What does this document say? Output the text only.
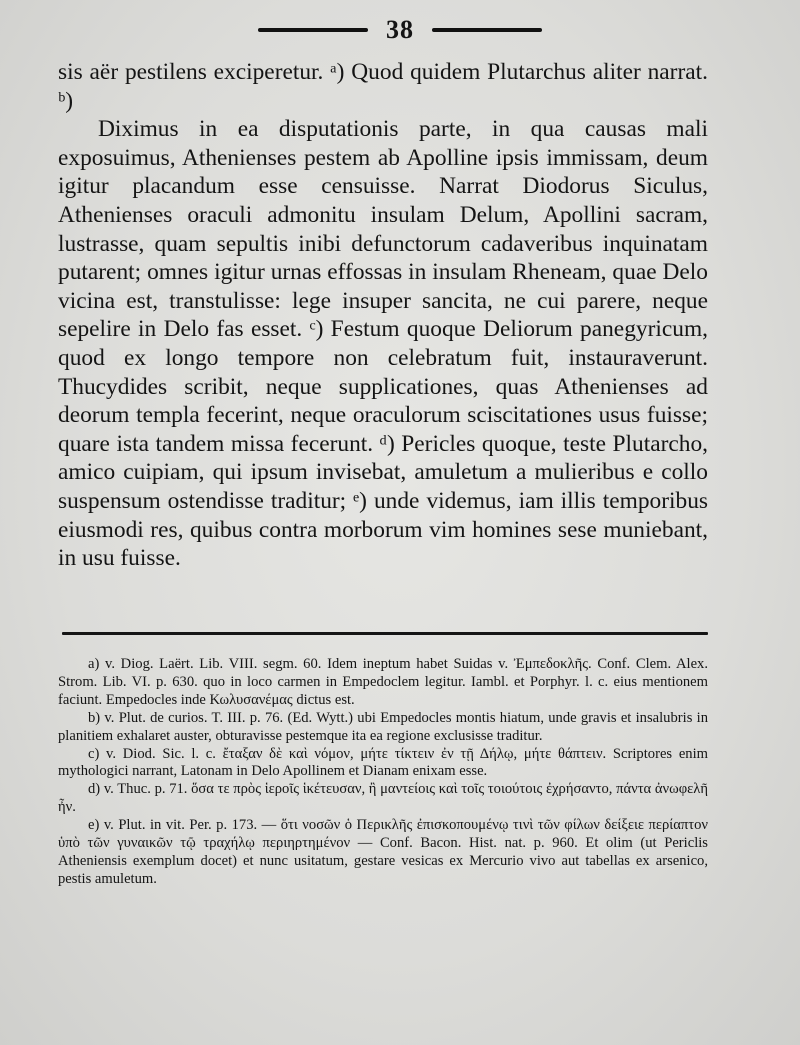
38

sis aër pestilens exciperetur. ᵃ) Quod quidem Plutarchus aliter narrat. ᵇ)

Diximus in ea disputationis parte, in qua causas mali exposuimus, Athenienses pestem ab Apolline ipsis immissam, deum igitur placandum esse censuisse. Narrat Diodorus Siculus, Athenienses oraculi admonitu insulam Delum, Apollini sacram, lustrasse, quam sepultis inibi defunctorum cadaveribus inquinatam putarent; omnes igitur urnas effossas in insulam Rheneam, quae Delo vicina est, transtulisse: lege insuper sancita, ne cui parere, neque sepelire in Delo fas esset. ᶜ) Festum quoque Deliorum panegyricum, quod ex longo tempore non celebratum fuit, instauraverunt. Thucydides scribit, neque supplicationes, quas Athenienses ad deorum templa fecerint, neque oraculorum sciscitationes usus fuisse; quare ista tandem missa fecerunt. ᵈ) Pericles quoque, teste Plutarcho, amico cuipiam, qui ipsum invisebat, amuletum a mulieribus e collo suspensum ostendisse traditur; ᵉ) unde videmus, iam illis temporibus eiusmodi res, quibus contra morborum vim homines sese muniebant, in usu fuisse.

a) v. Diog. Laërt. Lib. VIII. segm. 60. Idem ineptum habet Suidas v. Ἐμπεδοκλῆς. Conf. Clem. Alex. Strom. Lib. VI. p. 630. quo in loco carmen in Empedoclem legitur. Iambl. et Porphyr. l. c. eius mentionem faciunt. Empedocles inde Κωλυσανέμας dictus est.

b) v. Plut. de curios. T. III. p. 76. (Ed. Wytt.) ubi Empedocles montis hiatum, unde gravis et insalubris in planitiem exhalaret auster, obturavisse pestemque ita ea regione exclusisse traditur.

c) v. Diod. Sic. l. c. ἔταξαν δὲ καὶ νόμον, μήτε τίκτειν ἐν τῇ Δήλῳ, μήτε θάπτειν. Scriptores enim mythologici narrant, Latonam in Delo Apollinem et Dianam enixam esse.

d) v. Thuc. p. 71. ὅσα τε πρὸς ἱεροῖς ἱκέτευσαν, ἢ μαντείοις καὶ τοῖς τοιούτοις ἐχρήσαντο, πάντα ἀνωφελῆ ἦν.

e) v. Plut. in vit. Per. p. 173. — ὅτι νοσῶν ὁ Περικλῆς ἐπισκοπουμένῳ τινὶ τῶν φίλων δείξειε περίαπτον ὑπὸ τῶν γυναικῶν τῷ τραχήλῳ περιηρτημένον — Conf. Bacon. Hist. nat. p. 960. Et olim (ut Periclis Atheniensis exemplum docet) et nunc usitatum, gestare vesicas ex Mercurio vivo aut tabellas ex arsenico, pestis amuletum.
